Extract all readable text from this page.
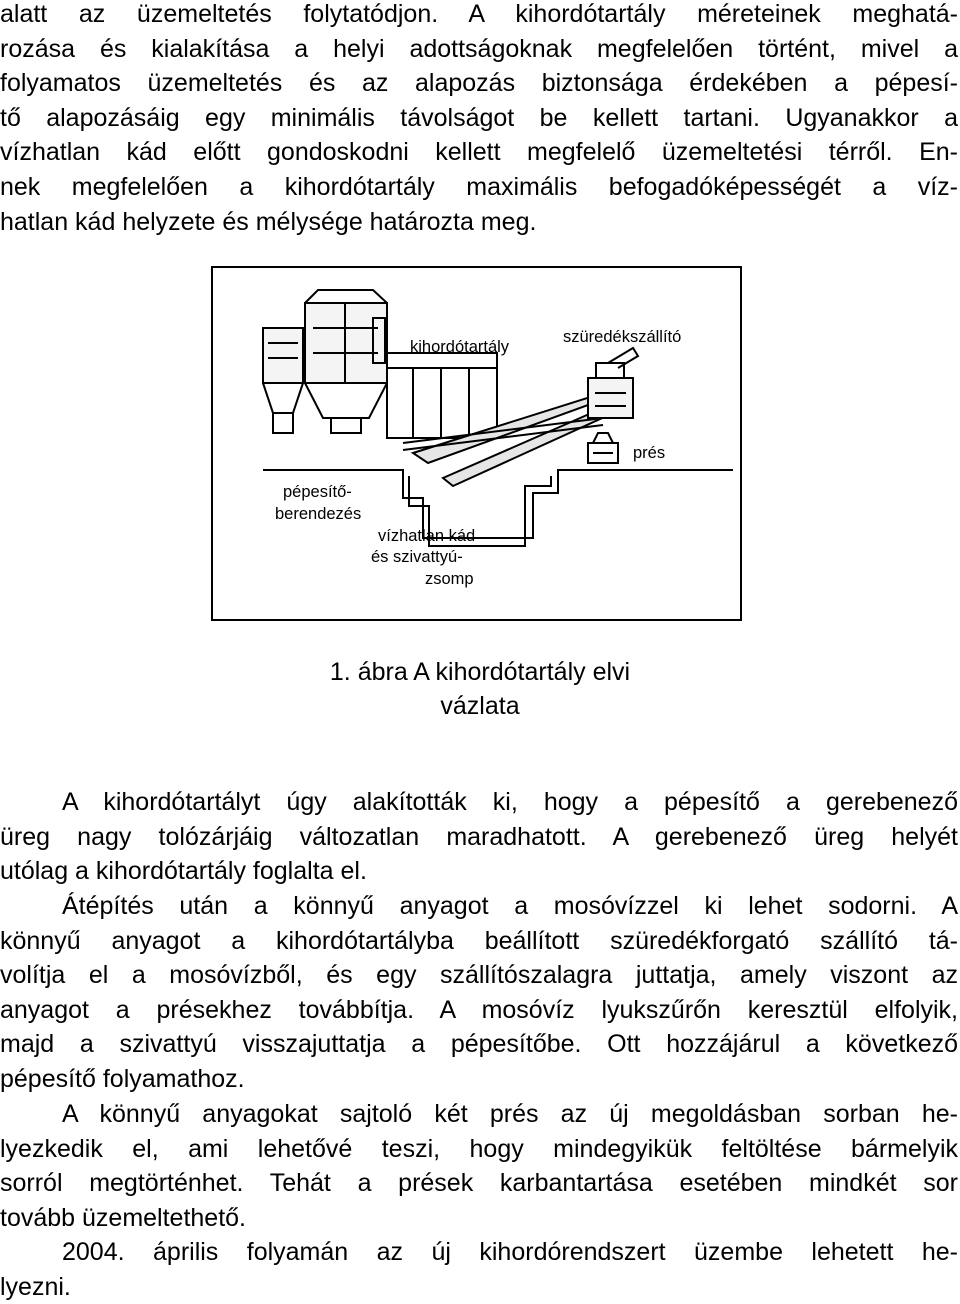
alatt az üzemeltetés folytatódjon. A kihordótartály méreteinek meghatá-
rozása és kialakítása a helyi adottságoknak megfelelően történt, mivel a
folyamatos üzemeltetés és az alapozás biztonsága érdekében a pépesí-
tő alapozásáig egy minimális távolságot be kellett tartani. Ugyanakkor a
vízhatlan kád előtt gondoskodni kellett megfelelő üzemeltetési térről. En-
nek megfelelően a kihordótartály maximális befogadóképességét a víz-
hatlan kád helyzete és mélysége határozta meg.
kihordótartály
szüredékszállító
prés
pépesítő-
berendezés
vízhatlan kád
és szivattyú-
zsomp
1. ábra A kihordótartály elvi
vázlata
A kihordótartályt úgy alakították ki, hogy a pépesítő a gerebenező
üreg nagy tolózárjáig változatlan maradhatott. A gerebenező üreg helyét
utólag a kihordótartály foglalta el.
Átépítés után a könnyű anyagot a mosóvízzel ki lehet sodorni. A
könnyű anyagot a kihordótartályba beállított szüredékforgató szállító tá-
volítja el a mosóvízből, és egy szállítószalagra juttatja, amely viszont az
anyagot a présekhez továbbítja. A mosóvíz lyukszűrőn keresztül elfolyik,
majd a szivattyú visszajuttatja a pépesítőbe. Ott hozzájárul a következő
pépesítő folyamathoz.
A könnyű anyagokat sajtoló két prés az új megoldásban sorban he-
lyezkedik el, ami lehetővé teszi, hogy mindegyikük feltöltése bármelyik
sorról megtörténhet. Tehát a prések karbantartása esetében mindkét sor
tovább üzemeltethető.
2004. április folyamán az új kihordórendszert üzembe lehetett he-
lyezni.
